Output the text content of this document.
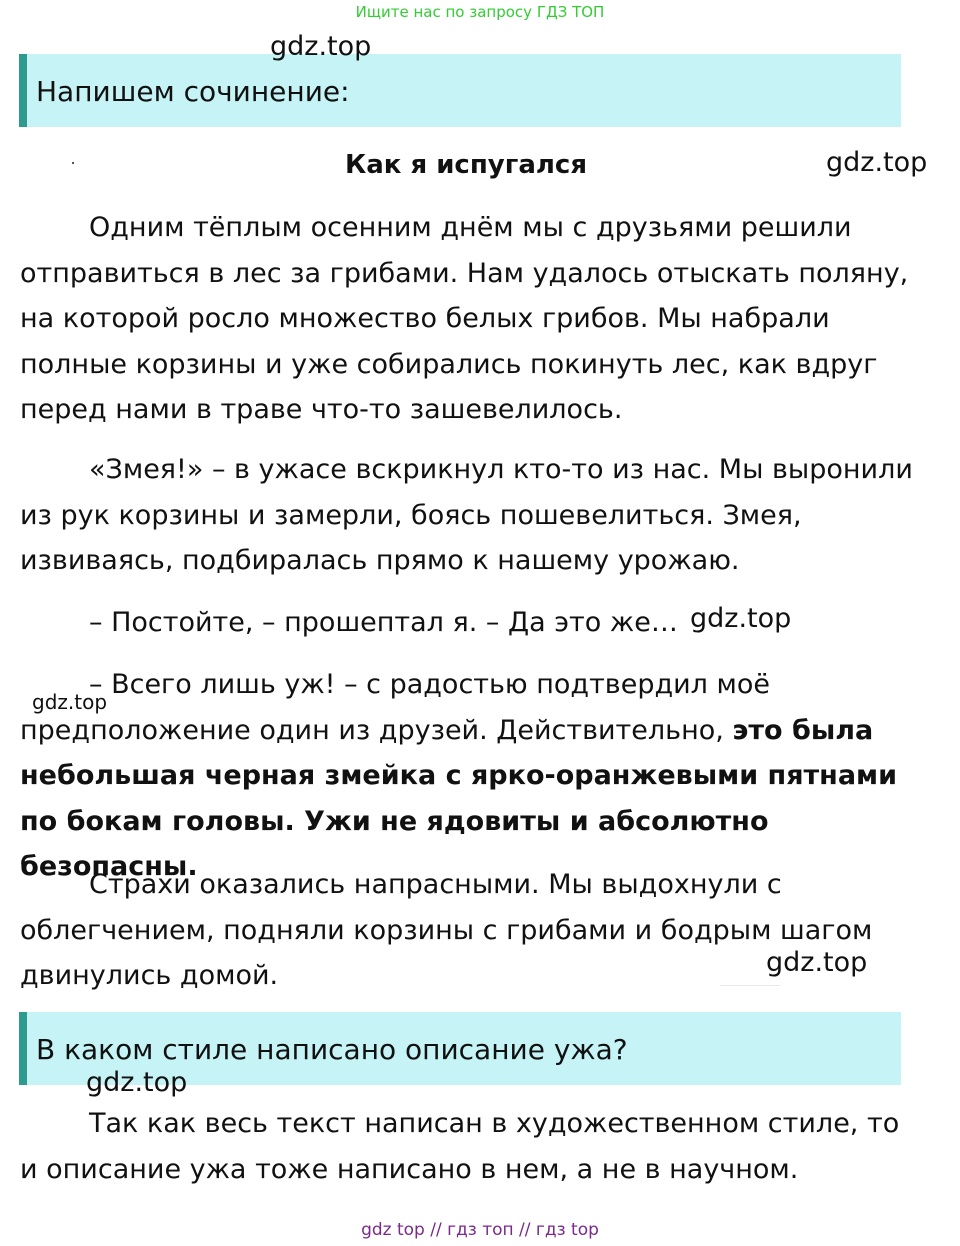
Ищите нас по запросу ГДЗ ТОП
Напишем сочинение:
Как я испугался

Одним тёплым осенним днём мы с друзьями решили отправиться в лес за грибами. Нам удалось отыскать поляну, на которой росло множество белых грибов. Мы набрали полные корзины и уже собирались покинуть лес, как вдруг перед нами в траве что-то зашевелилось.

«Змея!» – в ужасе вскрикнул кто-то из нас. Мы выронили из рук корзины и замерли, боясь пошевелиться. Змея, извиваясь, подбиралась прямо к нашему урожаю.

– Постойте, – прошептал я. – Да это же…

– Всего лишь уж! – с радостью подтвердил моё предположение один из друзей. Действительно, это была небольшая черная змейка с ярко-оранжевыми пятнами по бокам головы. Ужи не ядовиты и абсолютно безопасны.

Страхи оказались напрасными. Мы выдохнули с облегчением, подняли корзины с грибами и бодрым шагом двинулись домой.

В каком стиле написано описание ужа?

Так как весь текст написан в художественном стиле, то и описание ужа тоже написано в нем, а не в научном.

gdz.top
gdz.top
gdz.top
gdz.top
gdz.top
gdz.top
gdz top // гдз топ // гдз top
